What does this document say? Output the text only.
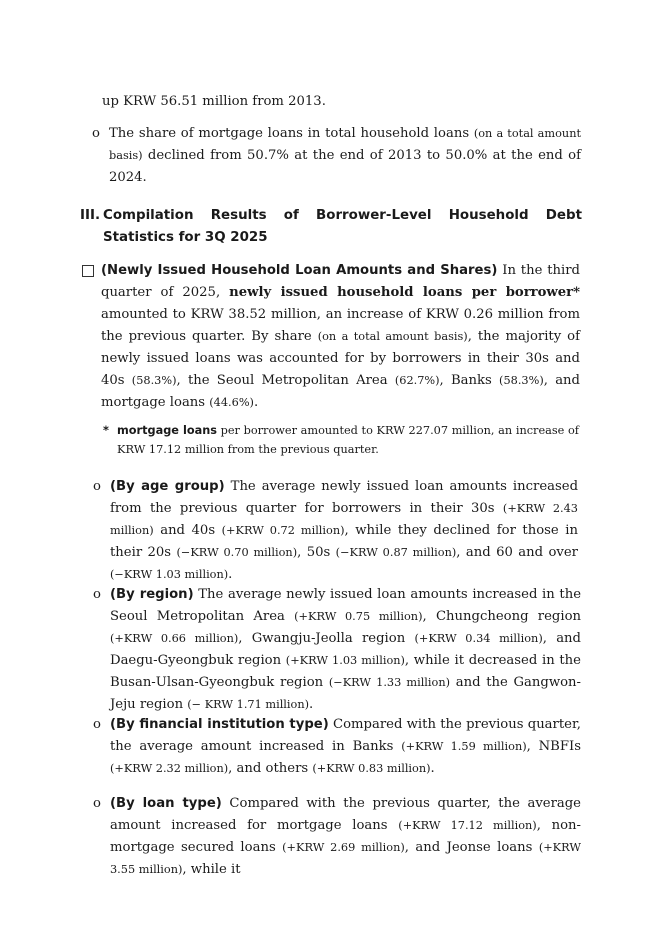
up KRW 56.51 million from 2013.
o The share of mortgage loans in total household loans (on a total amount basis) declined from 50.7% at the end of 2013 to 50.0% at the end of 2024.
III. Compilation Results of Borrower-Level Household Debt Statistics for 3Q 2025
(Newly Issued Household Loan Amounts and Shares) In the third quarter of 2025, newly issued household loans per borrower* amounted to KRW 38.52 million, an increase of KRW 0.26 million from the previous quarter. By share (on a total amount basis), the majority of newly issued loans was accounted for by borrowers in their 30s and 40s (58.3%), the Seoul Metropolitan Area (62.7%), Banks (58.3%), and mortgage loans (44.6%).
* mortgage loans per borrower amounted to KRW 227.07 million, an increase of KRW 17.12 million from the previous quarter.
o (By age group) The average newly issued loan amounts increased from the previous quarter for borrowers in their 30s (+KRW 2.43 million) and 40s (+KRW 0.72 million), while they declined for those in their 20s (−KRW 0.70 million), 50s (−KRW 0.87 million), and 60 and over (−KRW 1.03 million).
o (By region) The average newly issued loan amounts increased in the Seoul Metropolitan Area (+KRW 0.75 million), Chungcheong region (+KRW 0.66 million), Gwangju-Jeolla region (+KRW 0.34 million), and Daegu-Gyeongbuk region (+KRW 1.03 million), while it decreased in the Busan-Ulsan-Gyeongbuk region (−KRW 1.33 million) and the Gangwon-Jeju region (− KRW 1.71 million).
o (By financial institution type) Compared with the previous quarter, the average amount increased in Banks (+KRW 1.59 million), NBFIs (+KRW 2.32 million), and others (+KRW 0.83 million).
o (By loan type) Compared with the previous quarter, the average amount increased for mortgage loans (+KRW 17.12 million), non-mortgage secured loans (+KRW 2.69 million), and Jeonse loans (+KRW 3.55 million), while it
